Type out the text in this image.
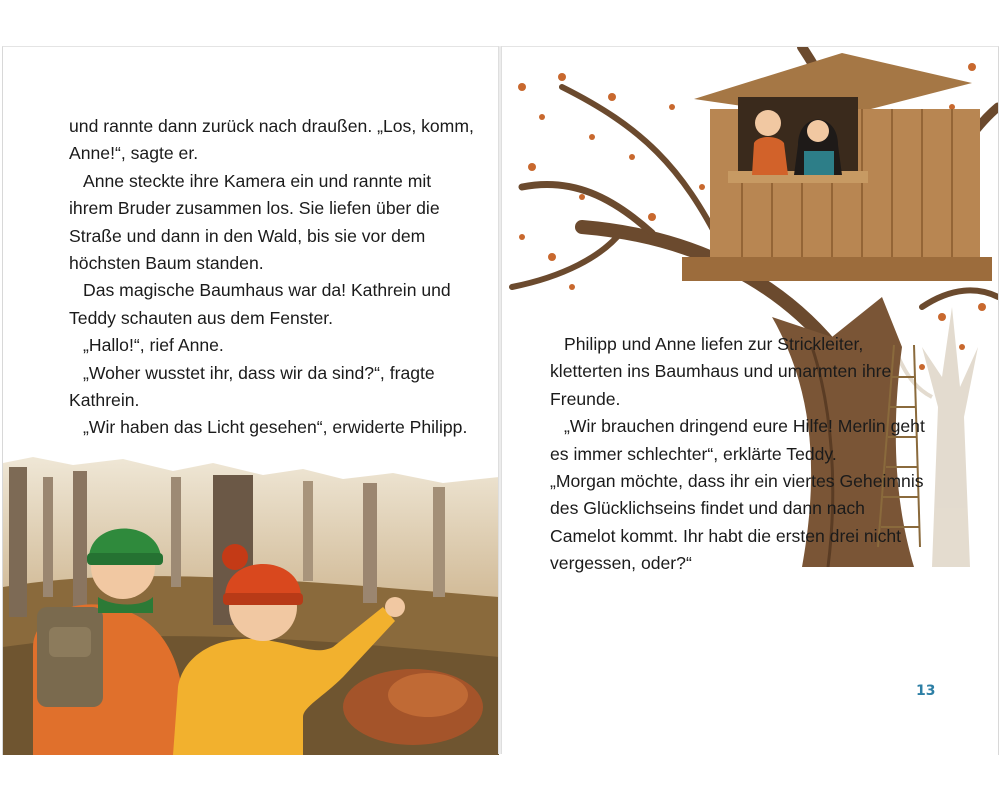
und rannte dann zurück nach draußen. „Los, komm, Anne!“, sagte er.

Anne steckte ihre Kamera ein und rannte mit ihrem Bruder zusammen los. Sie liefen über die Straße und dann in den Wald, bis sie vor dem höchsten Baum standen.

Das magische Baumhaus war da! Kathrein und Teddy schauten aus dem Fenster.

„Hallo!“, rief Anne.

„Woher wusstet ihr, dass wir da sind?“, fragte Kathrein.

„Wir haben das Licht gesehen“, erwiderte Philipp.

Philipp und Anne liefen zur Strickleiter, kletterten ins Baumhaus und umarmten ihre Freunde.

„Wir brauchen dringend eure Hilfe! Merlin geht es immer schlechter“, erklärte Teddy.

„Morgan möchte, dass ihr ein viertes Geheimnis des Glücklichseins findet und dann nach Camelot kommt. Ihr habt die ersten drei nicht vergessen, oder?“

13
